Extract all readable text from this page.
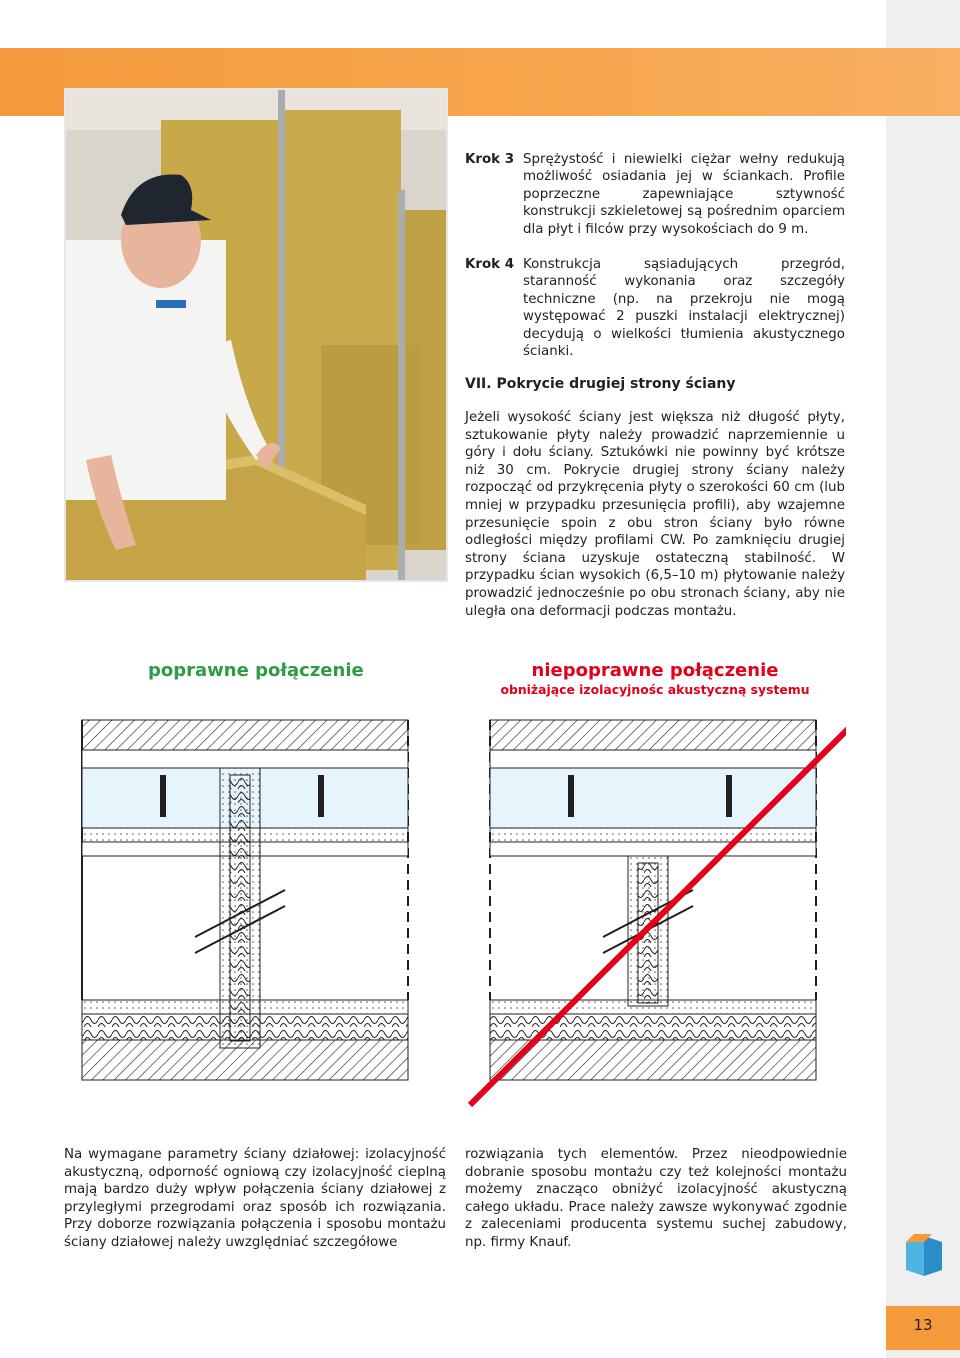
Krok 3 Sprężystość i niewielki ciężar wełny redukują możliwość osiadania jej w ściankach. Profile poprzeczne zapewniające sztywność konstrukcji szkieletowej są pośrednim oparciem dla płyt i filców przy wysokościach do 9 m.
Krok 4 Konstrukcja sąsiadujących przegród, staranność wykonania oraz szczegóły techniczne (np. na przekroju nie mogą występować 2 puszki instalacji elektrycznej) decydują o wielkości tłumienia akustycznego ścianki.
VII. Pokrycie drugiej strony ściany
Jeżeli wysokość ściany jest większa niż długość płyty, sztukowanie płyty należy prowadzić naprzemiennie u góry i dołu ściany. Sztukówki nie powinny być krótsze niż 30 cm. Pokrycie drugiej strony ściany należy rozpocząć od przykręcenia płyty o szerokości 60 cm (lub mniej w przypadku przesunięcia profili), aby wzajemne przesunięcie spoin z obu stron ściany było równe odległości między profilami CW. Po zamknięciu drugiej strony ściana uzyskuje ostateczną stabilność. W przypadku ścian wysokich (6,5–10 m) płytowanie należy prowadzić jednocześnie po obu stronach ściany, aby nie uległa ona deformacji podczas montażu.
poprawne połączenie	niepoprawne połączenie
obniżające izolacyjnośc akustyczną systemu
Na wymagane parametry ściany działowej: izolacyjność akustyczną, odporność ogniową czy izolacyjność cieplną mają bardzo duży wpływ połączenia ściany działowej z przyległymi przegrodami oraz sposób ich rozwiązania. Przy doborze rozwiązania połączenia i sposobu montażu ściany działowej należy uwzględniać szczegółowe
rozwiązania tych elementów. Przez nieodpowiednie dobranie sposobu montażu czy też kolejności montażu możemy znacząco obniżyć izolacyjność akustyczną całego układu. Prace należy zawsze wykonywać zgodnie z zaleceniami producenta systemu suchej zabudowy, np. firmy Knauf.
13
